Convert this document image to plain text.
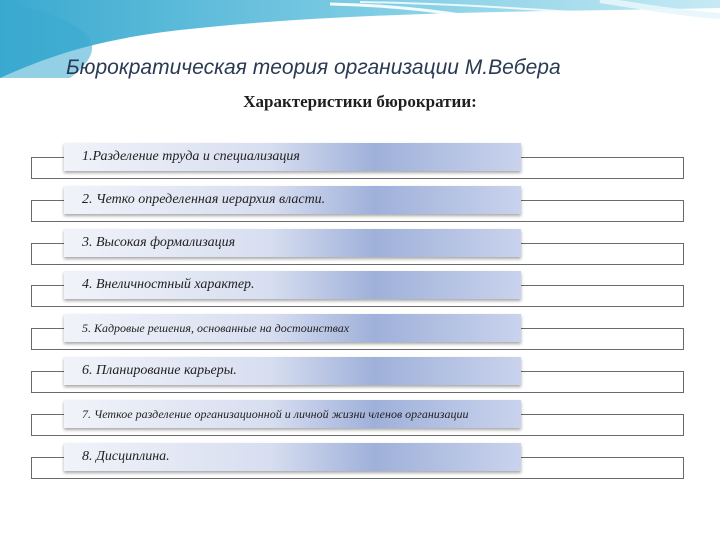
Бюрократическая теория организации М.Вебера
Характеристики бюрократии:
1.Разделение труда и специализация
2. Четко определенная иерархия власти.
3. Высокая формализация
4. Внеличностный характер.
5. Кадровые решения, основанные на достоинствах
6. Планирование карьеры.
7. Четкое разделение организационной и личной жизни членов организации
8. Дисциплина.
